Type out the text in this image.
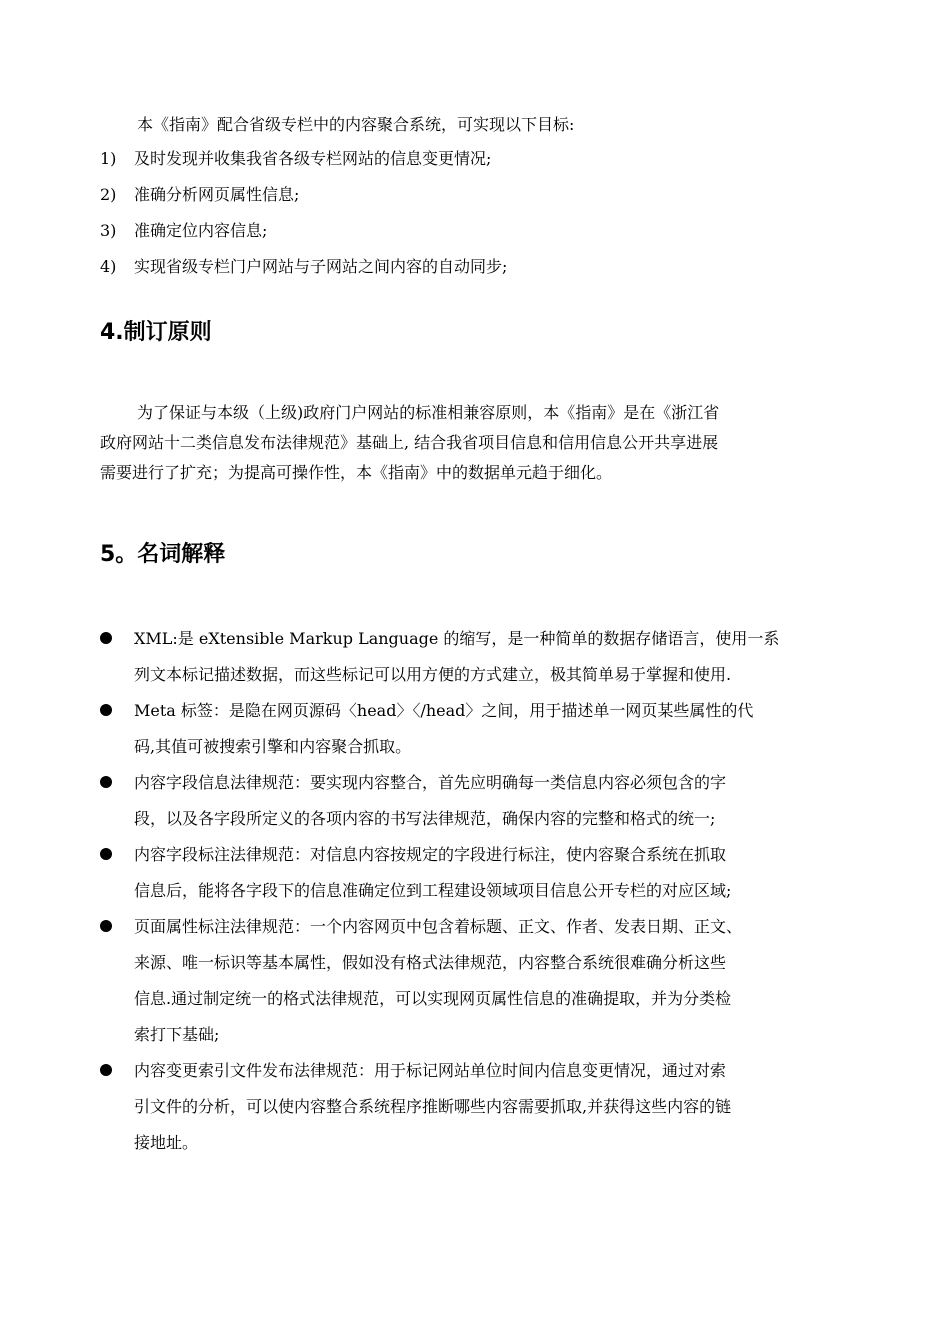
本《指南》配合省级专栏中的内容聚合系统，可实现以下目标:
1) 及时发现并收集我省各级专栏网站的信息变更情况;
2) 准确分析网页属性信息;
3) 准确定位内容信息;
4) 实现省级专栏门户网站与子网站之间内容的自动同步;
4.制订原则
为了保证与本级（上级)政府门户网站的标准相兼容原则，本《指南》是在《浙江省
政府网站十二类信息发布法律规范》基础上, 结合我省项目信息和信用信息公开共享进展
需要进行了扩充；为提高可操作性，本《指南》中的数据单元趋于细化。
5。名词解释
XML:是 eXtensible Markup Language 的缩写，是一种简单的数据存储语言，使用一系
列文本标记描述数据，而这些标记可以用方便的方式建立，极其简单易于掌握和使用.
Meta 标签：是隐在网页源码〈head〉〈/head〉之间，用于描述单一网页某些属性的代
码,其值可被搜索引擎和内容聚合抓取。
内容字段信息法律规范：要实现内容整合，首先应明确每一类信息内容必须包含的字
段，以及各字段所定义的各项内容的书写法律规范，确保内容的完整和格式的统一;
内容字段标注法律规范：对信息内容按规定的字段进行标注，使内容聚合系统在抓取
信息后，能将各字段下的信息准确定位到工程建设领域项目信息公开专栏的对应区域;
页面属性标注法律规范：一个内容网页中包含着标题、正文、作者、发表日期、正文、
来源、唯一标识等基本属性，假如没有格式法律规范，内容整合系统很难确分析这些
信息.通过制定统一的格式法律规范，可以实现网页属性信息的准确提取，并为分类检
索打下基础;
内容变更索引文件发布法律规范：用于标记网站单位时间内信息变更情况，通过对索
引文件的分析，可以使内容整合系统程序推断哪些内容需要抓取,并获得这些内容的链
接地址。
